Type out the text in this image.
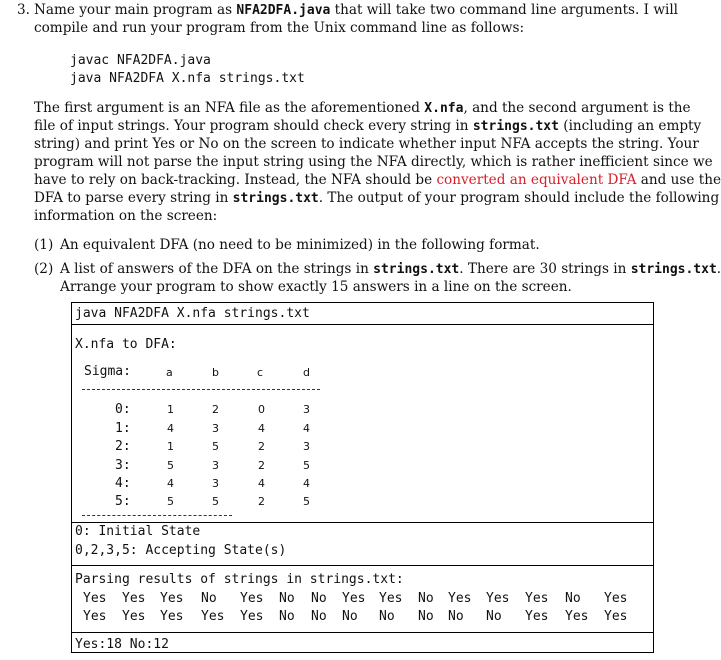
3. Name your main program as NFA2DFA.java that will take two command line arguments. I will
compile and run your program from the Unix command line as follows:
javac NFA2DFA.java
java NFA2DFA X.nfa strings.txt
The first argument is an NFA file as the aforementioned X.nfa, and the second argument is the
file of input strings. Your program should check every string in strings.txt (including an empty
string) and print Yes or No on the screen to indicate whether input NFA accepts the string. Your
program will not parse the input string using the NFA directly, which is rather inefficient since we
have to rely on back-tracking. Instead, the NFA should be converted an equivalent DFA and use the
DFA to parse every string in strings.txt. The output of your program should include the following
information on the screen:
(1) An equivalent DFA (no need to be minimized) in the following format.
(2) A list of answers of the DFA on the strings in strings.txt. There are 30 strings in strings.txt.
Arrange your program to show exactly 15 answers in a line on the screen.
java NFA2DFA X.nfa strings.txt
X.nfa to DFA:
Sigma:	a	b	c	d
0:	1	2	0	3
1:	4	3	4	4
2:	1	5	2	3
3:	5	3	2	5
4:	4	3	4	4
5:	5	5	2	5
0: Initial State
0,2,3,5: Accepting State(s)
Parsing results of strings in strings.txt:
Yes Yes Yes No Yes No No Yes Yes No Yes Yes Yes No Yes
Yes Yes Yes Yes Yes No No No No No No No Yes Yes Yes
Yes:18 No:12
